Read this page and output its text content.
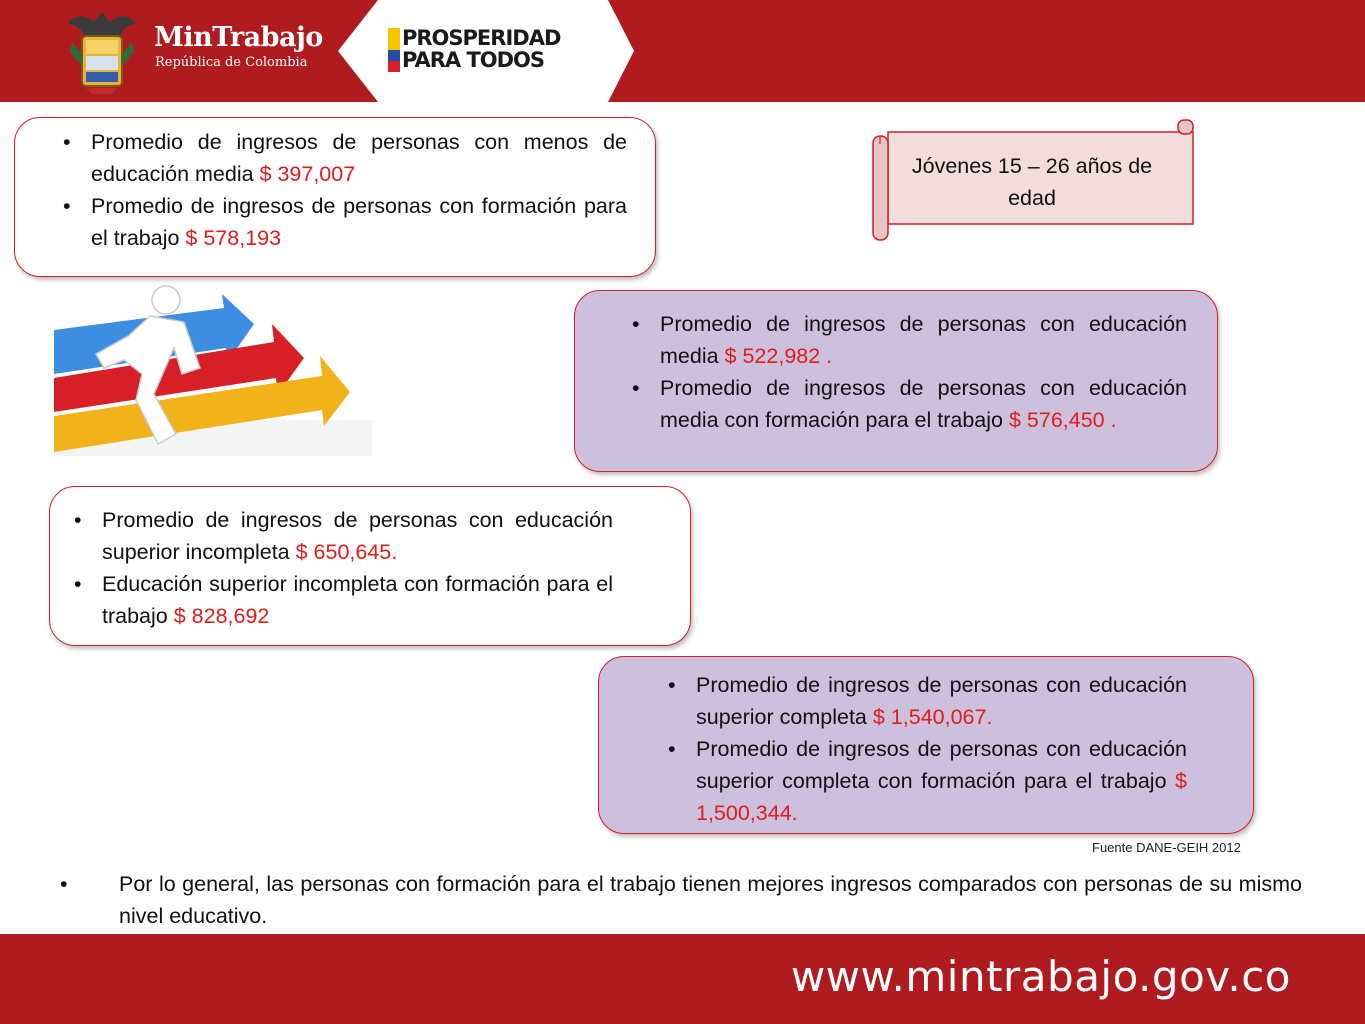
MinTrabajo
República de Colombia
PROSPERIDAD
PARA TODOS
• Promedio de ingresos de personas con menos de educación media $ 397,007
• Promedio de ingresos de personas con formación para el trabajo $ 578,193
Jóvenes 15 – 26 años de edad
• Promedio de ingresos de personas con educación media $ 522,982 .
• Promedio de ingresos de personas con educación media con formación para el trabajo $ 576,450 .
• Promedio de ingresos de personas con educación superior incompleta $ 650,645.
• Educación superior incompleta con formación para el trabajo $ 828,692
• Promedio de ingresos de personas con educación superior completa $ 1,540,067.
• Promedio de ingresos de personas con educación superior completa con formación para el trabajo $ 1,500,344.
Fuente DANE-GEIH 2012
• Por lo general, las personas con formación para el trabajo tienen mejores ingresos comparados con personas de su mismo nivel educativo.
www.mintrabajo.gov.co
